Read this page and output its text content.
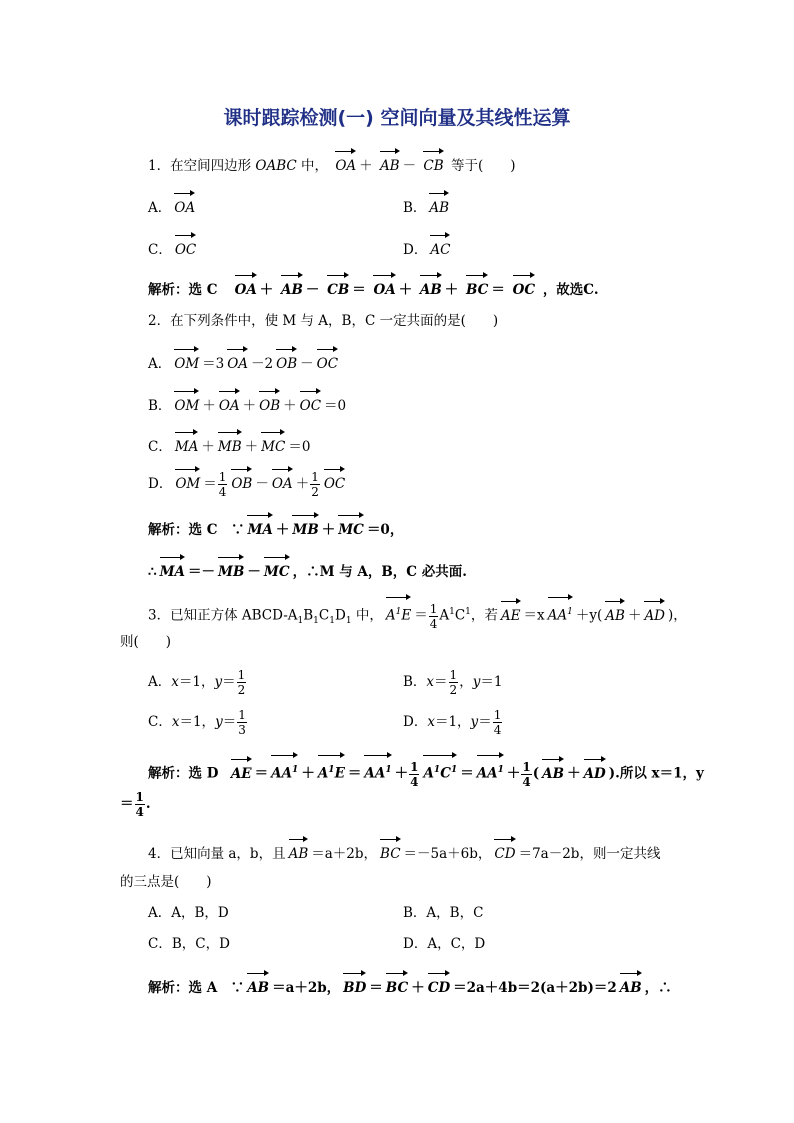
课时跟踪检测(一) 空间向量及其线性运算
1．在空间四边形 OABC 中， OA ＋ AB － CB 等于(　　)
A． OA	B． AB
C． OC	D． AC
解析：选 C OA ＋ AB － CB ＝ OA ＋ AB ＋ BC ＝ OC ，故选C.
2．在下列条件中，使 M 与 A，B，C 一定共面的是(　　)
A． OM ＝3 OA －2 OB － OC
B． OM ＋ OA ＋ OB ＋ OC ＝0
C． MA ＋ MB ＋ MC ＝0
D． OM ＝ $\frac{1}{4}$ OB － OA ＋ $\frac{1}{2}$ OC
解析：选 C　∵ MA ＋ MB ＋ MC ＝0，
∴ MA ＝－ MB － MC ，∴M 与 A，B，C 必共面.
3．已知正方体 ABCD-$A_1B_1C_1D_1$ 中， $A^1E = \frac{1}{4} A^1C^1$，若 AE ＝x $AA^1 +y$( AB ＋ AD )，
则(　　)
A．x＝1，$y= \frac{1}{2}$	B．$x= \frac{1}{2}$ ，y＝1
C．x＝1，$y= \frac{1}{3}$	D．x＝1，$y= \frac{1}{4}$
解析：选 D AE ＝ $AA^1 + A^1E = AA^1 + \frac{1}{4} A^1C^1 = AA^1 + \frac{1}{4}$ ( AB ＋ AD ).所以 x＝1，y
＝ $\frac{1}{4}$ .
4．已知向量 a，b，且 AB ＝a＋2b， BC ＝－5a＋6b， CD ＝7a－2b，则一定共线
的三点是(　　)
A．A，B，D	B．A，B，C
C．B，C，D	D．A，C，D
解析：选 A　∵ AB ＝a＋2b， BD ＝ BC ＋ CD ＝2a＋4b＝2(a＋2b)＝2 AB ，∴
